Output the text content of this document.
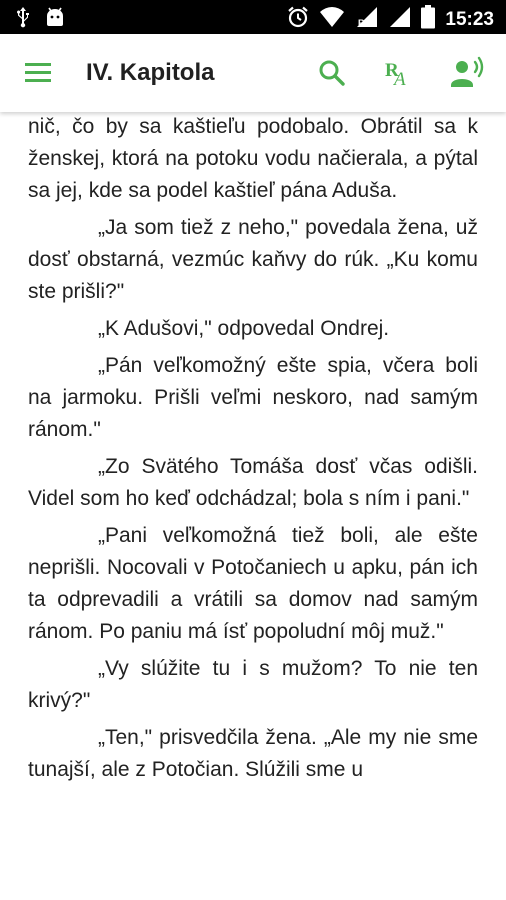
R	15:23
IV. Kapitola	R
A

nič, čo by sa kaštieľu podobalo. Obrátil sa k ženskej, ktorá na potoku vodu načierala, a pýtal sa jej, kde sa podel kaštieľ pána Aduša.

„Ja som tiež z neho," povedala žena, už dosť obstarná, vezmúc kaňvy do rúk. „Ku komu ste prišli?"

„K Adušovi," odpovedal Ondrej.

„Pán veľkomožný ešte spia, včera boli na jarmoku. Prišli veľmi neskoro, nad samým ránom."

„Zo Svätého Tomáša dosť včas odišli. Videl som ho keď odchádzal; bola s ním i pani."

„Pani veľkomožná tiež boli, ale ešte neprišli. Nocovali v Potočaniech u apku, pán ich ta odprevadili a vrátili sa domov nad samým ránom. Po paniu má ísť popoludní môj muž."

„Vy slúžite tu i s mužom? To nie ten krivý?"

„Ten," prisvedčila žena. „Ale my nie sme tunajší, ale z Potočian. Slúžili sme u
